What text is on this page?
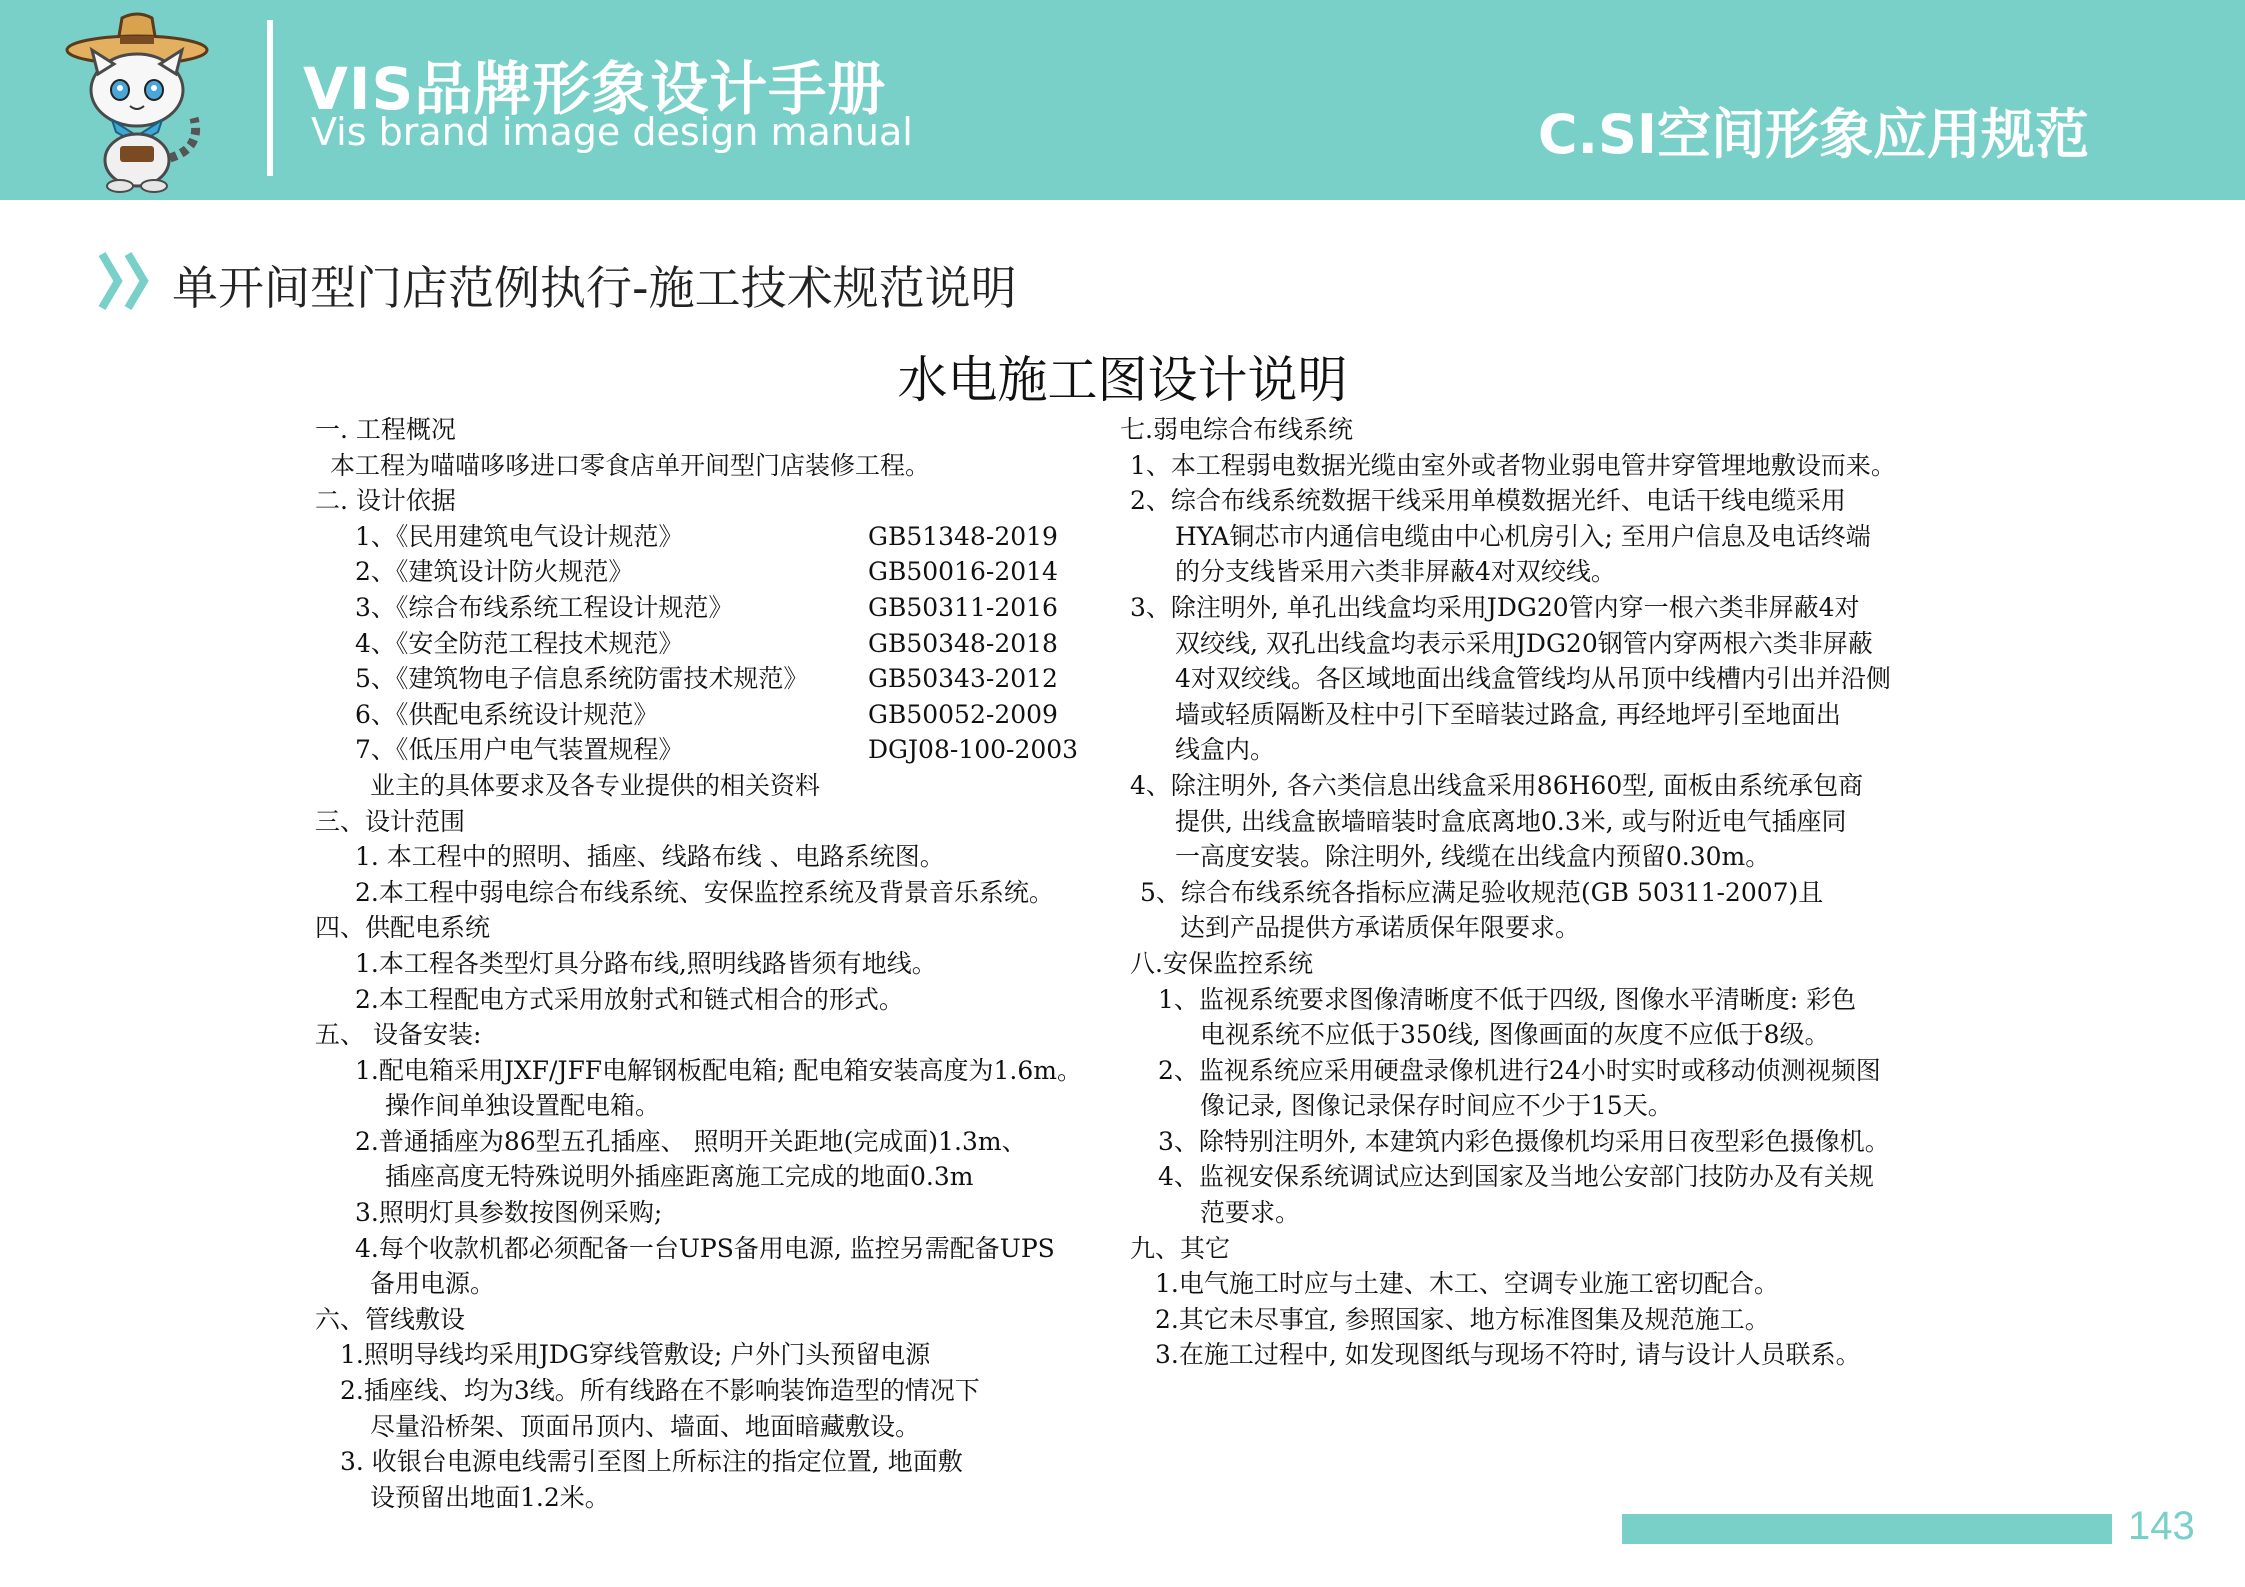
VIS品牌形象设计手册
Vis brand image design manual	C.SI空间形象应用规范
单开间型门店范例执行-施工技术规范说明
水电施工图设计说明
一. 工程概况
本工程为喵喵哆哆进口零食店单开间型门店装修工程。
二. 设计依据
1、《民用建筑电气设计规范》	GB51348-2019
2、《建筑设计防火规范》	GB50016-2014
3、《综合布线系统工程设计规范》	GB50311-2016
4、《安全防范工程技术规范》	GB50348-2018
5、《建筑物电子信息系统防雷技术规范》 GB50343-2012
6、《供配电系统设计规范》	GB50052-2009
7、《低压用户电气装置规程》	DGJ08-100-2003
业主的具体要求及各专业提供的相关资料
三、设计范围
1. 本工程中的照明、插座、线路布线 、电路系统图。
2.本工程中弱电综合布线系统、安保监控系统及背景音乐系统。
四、供配电系统
1.本工程各类型灯具分路布线,照明线路皆须有地线。
2.本工程配电方式采用放射式和链式相合的形式。
五、 设备安装:
1.配电箱采用JXF/JFF电解钢板配电箱; 配电箱安装高度为1.6m。
操作间单独设置配电箱。
2.普通插座为86型五孔插座、 照明开关距地(完成面)1.3m、
插座高度无特殊说明外插座距离施工完成的地面0.3m
3.照明灯具参数按图例采购;
4.每个收款机都必须配备一台UPS备用电源, 监控另需配备UPS
备用电源。
六、管线敷设
1.照明导线均采用JDG穿线管敷设; 户外门头预留电源
2.插座线、均为3线。所有线路在不影响装饰造型的情况下
尽量沿桥架、顶面吊顶内、墙面、地面暗藏敷设。
3. 收银台电源电线需引至图上所标注的指定位置, 地面敷
设预留出地面1.2米。
七.弱电综合布线系统
1、本工程弱电数据光缆由室外或者物业弱电管井穿管埋地敷设而来。
2、综合布线系统数据干线采用单模数据光纤、电话干线电缆采用
HYA铜芯市内通信电缆由中心机房引入; 至用户信息及电话终端
的分支线皆采用六类非屏蔽4对双绞线。
3、除注明外, 单孔出线盒均采用JDG20管内穿一根六类非屏蔽4对
双绞线, 双孔出线盒均表示采用JDG20钢管内穿两根六类非屏蔽
4对双绞线。各区域地面出线盒管线均从吊顶中线槽内引出并沿侧
墙或轻质隔断及柱中引下至暗装过路盒, 再经地坪引至地面出
线盒内。
4、除注明外, 各六类信息出线盒采用86H60型, 面板由系统承包商
提供, 出线盒嵌墙暗装时盒底离地0.3米, 或与附近电气插座同
一高度安装。除注明外, 线缆在出线盒内预留0.30m。
5、综合布线系统各指标应满足验收规范(GB 50311-2007)且
达到产品提供方承诺质保年限要求。
八.安保监控系统
1、监视系统要求图像清晰度不低于四级, 图像水平清晰度: 彩色
电视系统不应低于350线, 图像画面的灰度不应低于8级。
2、监视系统应采用硬盘录像机进行24小时实时或移动侦测视频图
像记录, 图像记录保存时间应不少于15天。
3、除特别注明外, 本建筑内彩色摄像机均采用日夜型彩色摄像机。
4、监视安保系统调试应达到国家及当地公安部门技防办及有关规
范要求。
九、其它
1.电气施工时应与土建、木工、空调专业施工密切配合。
2.其它未尽事宜, 参照国家、地方标准图集及规范施工。
3.在施工过程中, 如发现图纸与现场不符时, 请与设计人员联系。
143
